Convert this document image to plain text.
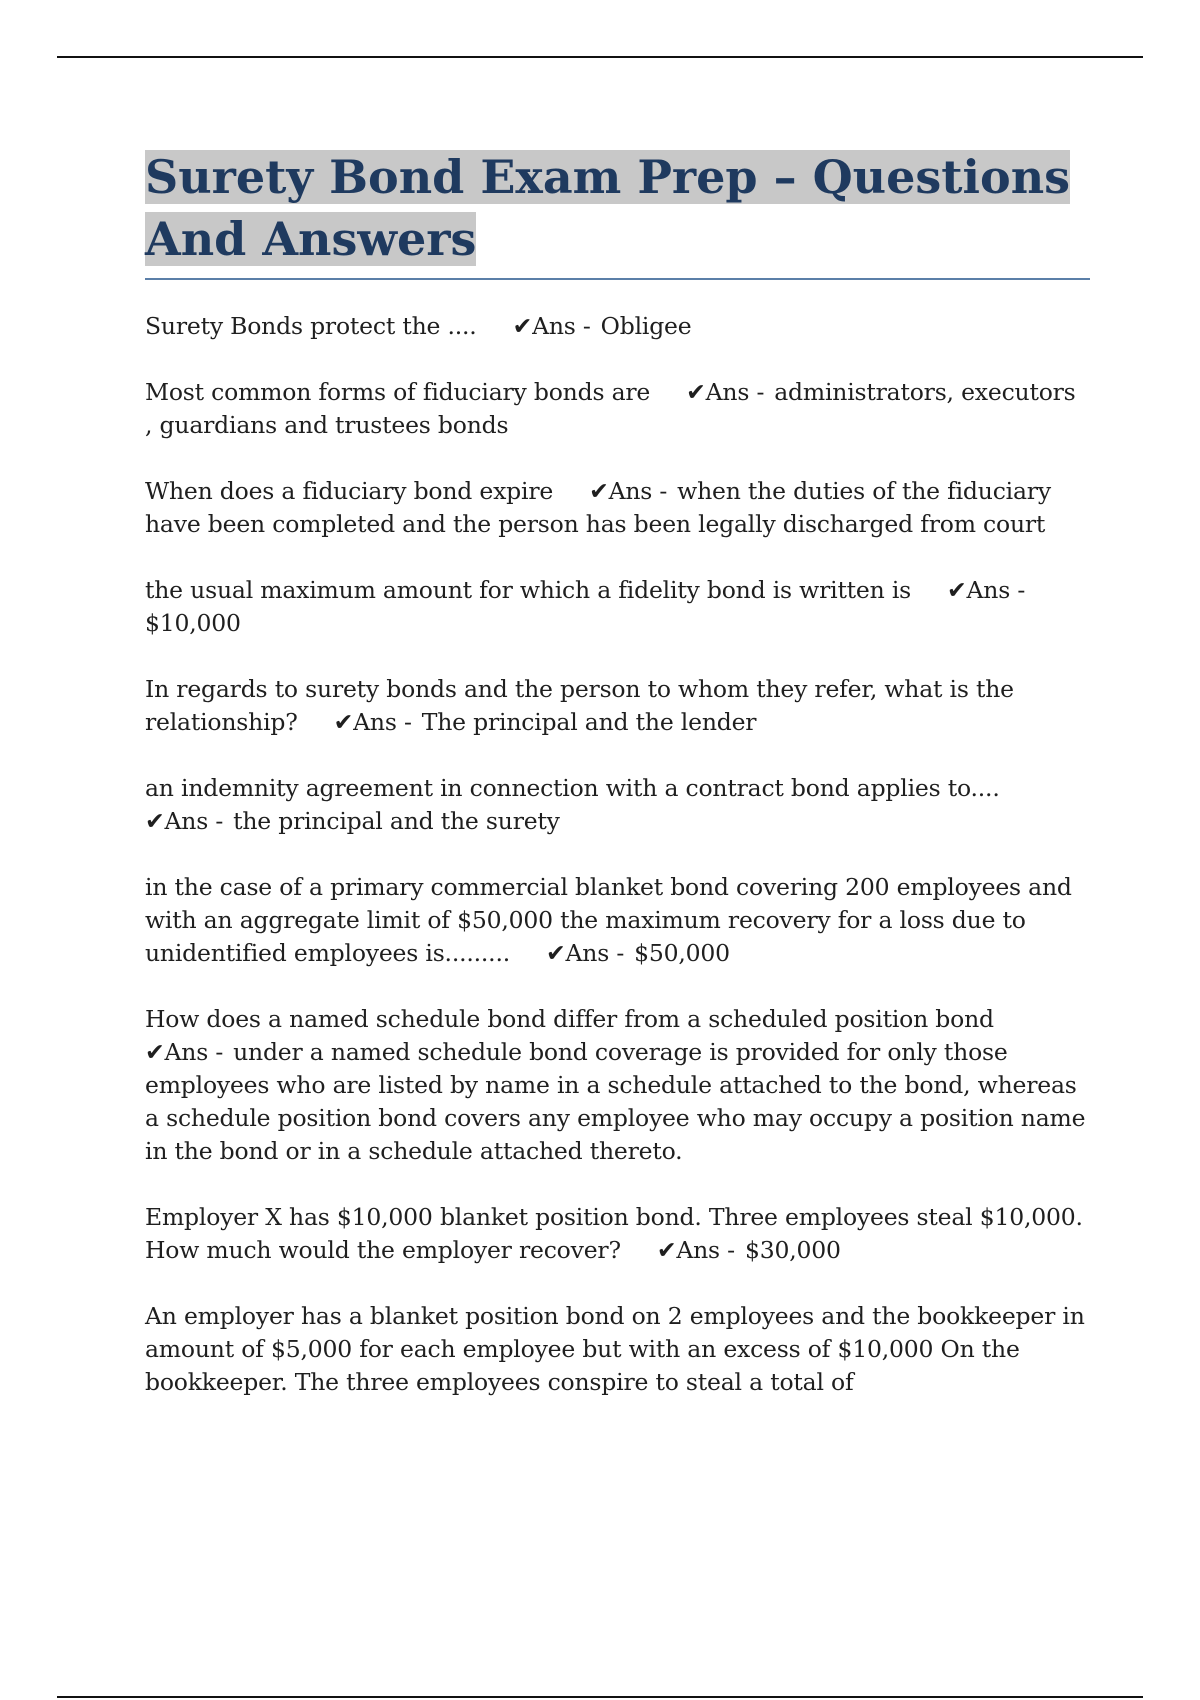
Surety Bond Exam Prep – Questions And Answers

Surety Bonds protect the .... ✔Ans - Obligee

Most common forms of fiduciary bonds are ✔Ans - administrators, executors , guardians and trustees bonds

When does a fiduciary bond expire ✔Ans - when the duties of the fiduciary have been completed and the person has been legally discharged from court

the usual maximum amount for which a fidelity bond is written is ✔Ans -$10,000

In regards to surety bonds and the person to whom they refer, what is the relationship? ✔Ans - The principal and the lender

an indemnity agreement in connection with a contract bond applies to....✔Ans - the principal and the surety

in the case of a primary commercial blanket bond covering 200 employees and with an aggregate limit of $50,000 the maximum recovery for a loss due to unidentified employees is......... ✔Ans - $50,000

How does a named schedule bond differ from a scheduled position bond✔Ans - under a named schedule bond coverage is provided for only those employees who are listed by name in a schedule attached to the bond, whereas a schedule position bond covers any employee who may occupy a position name in the bond or in a schedule attached thereto.

Employer X has $10,000 blanket position bond. Three employees steal $10,000. How much would the employer recover? ✔Ans - $30,000

An employer has a blanket position bond on 2 employees and the bookkeeper in amount of $5,000 for each employee but with an excess of $10,000 On the bookkeeper. The three employees conspire to steal a total of
